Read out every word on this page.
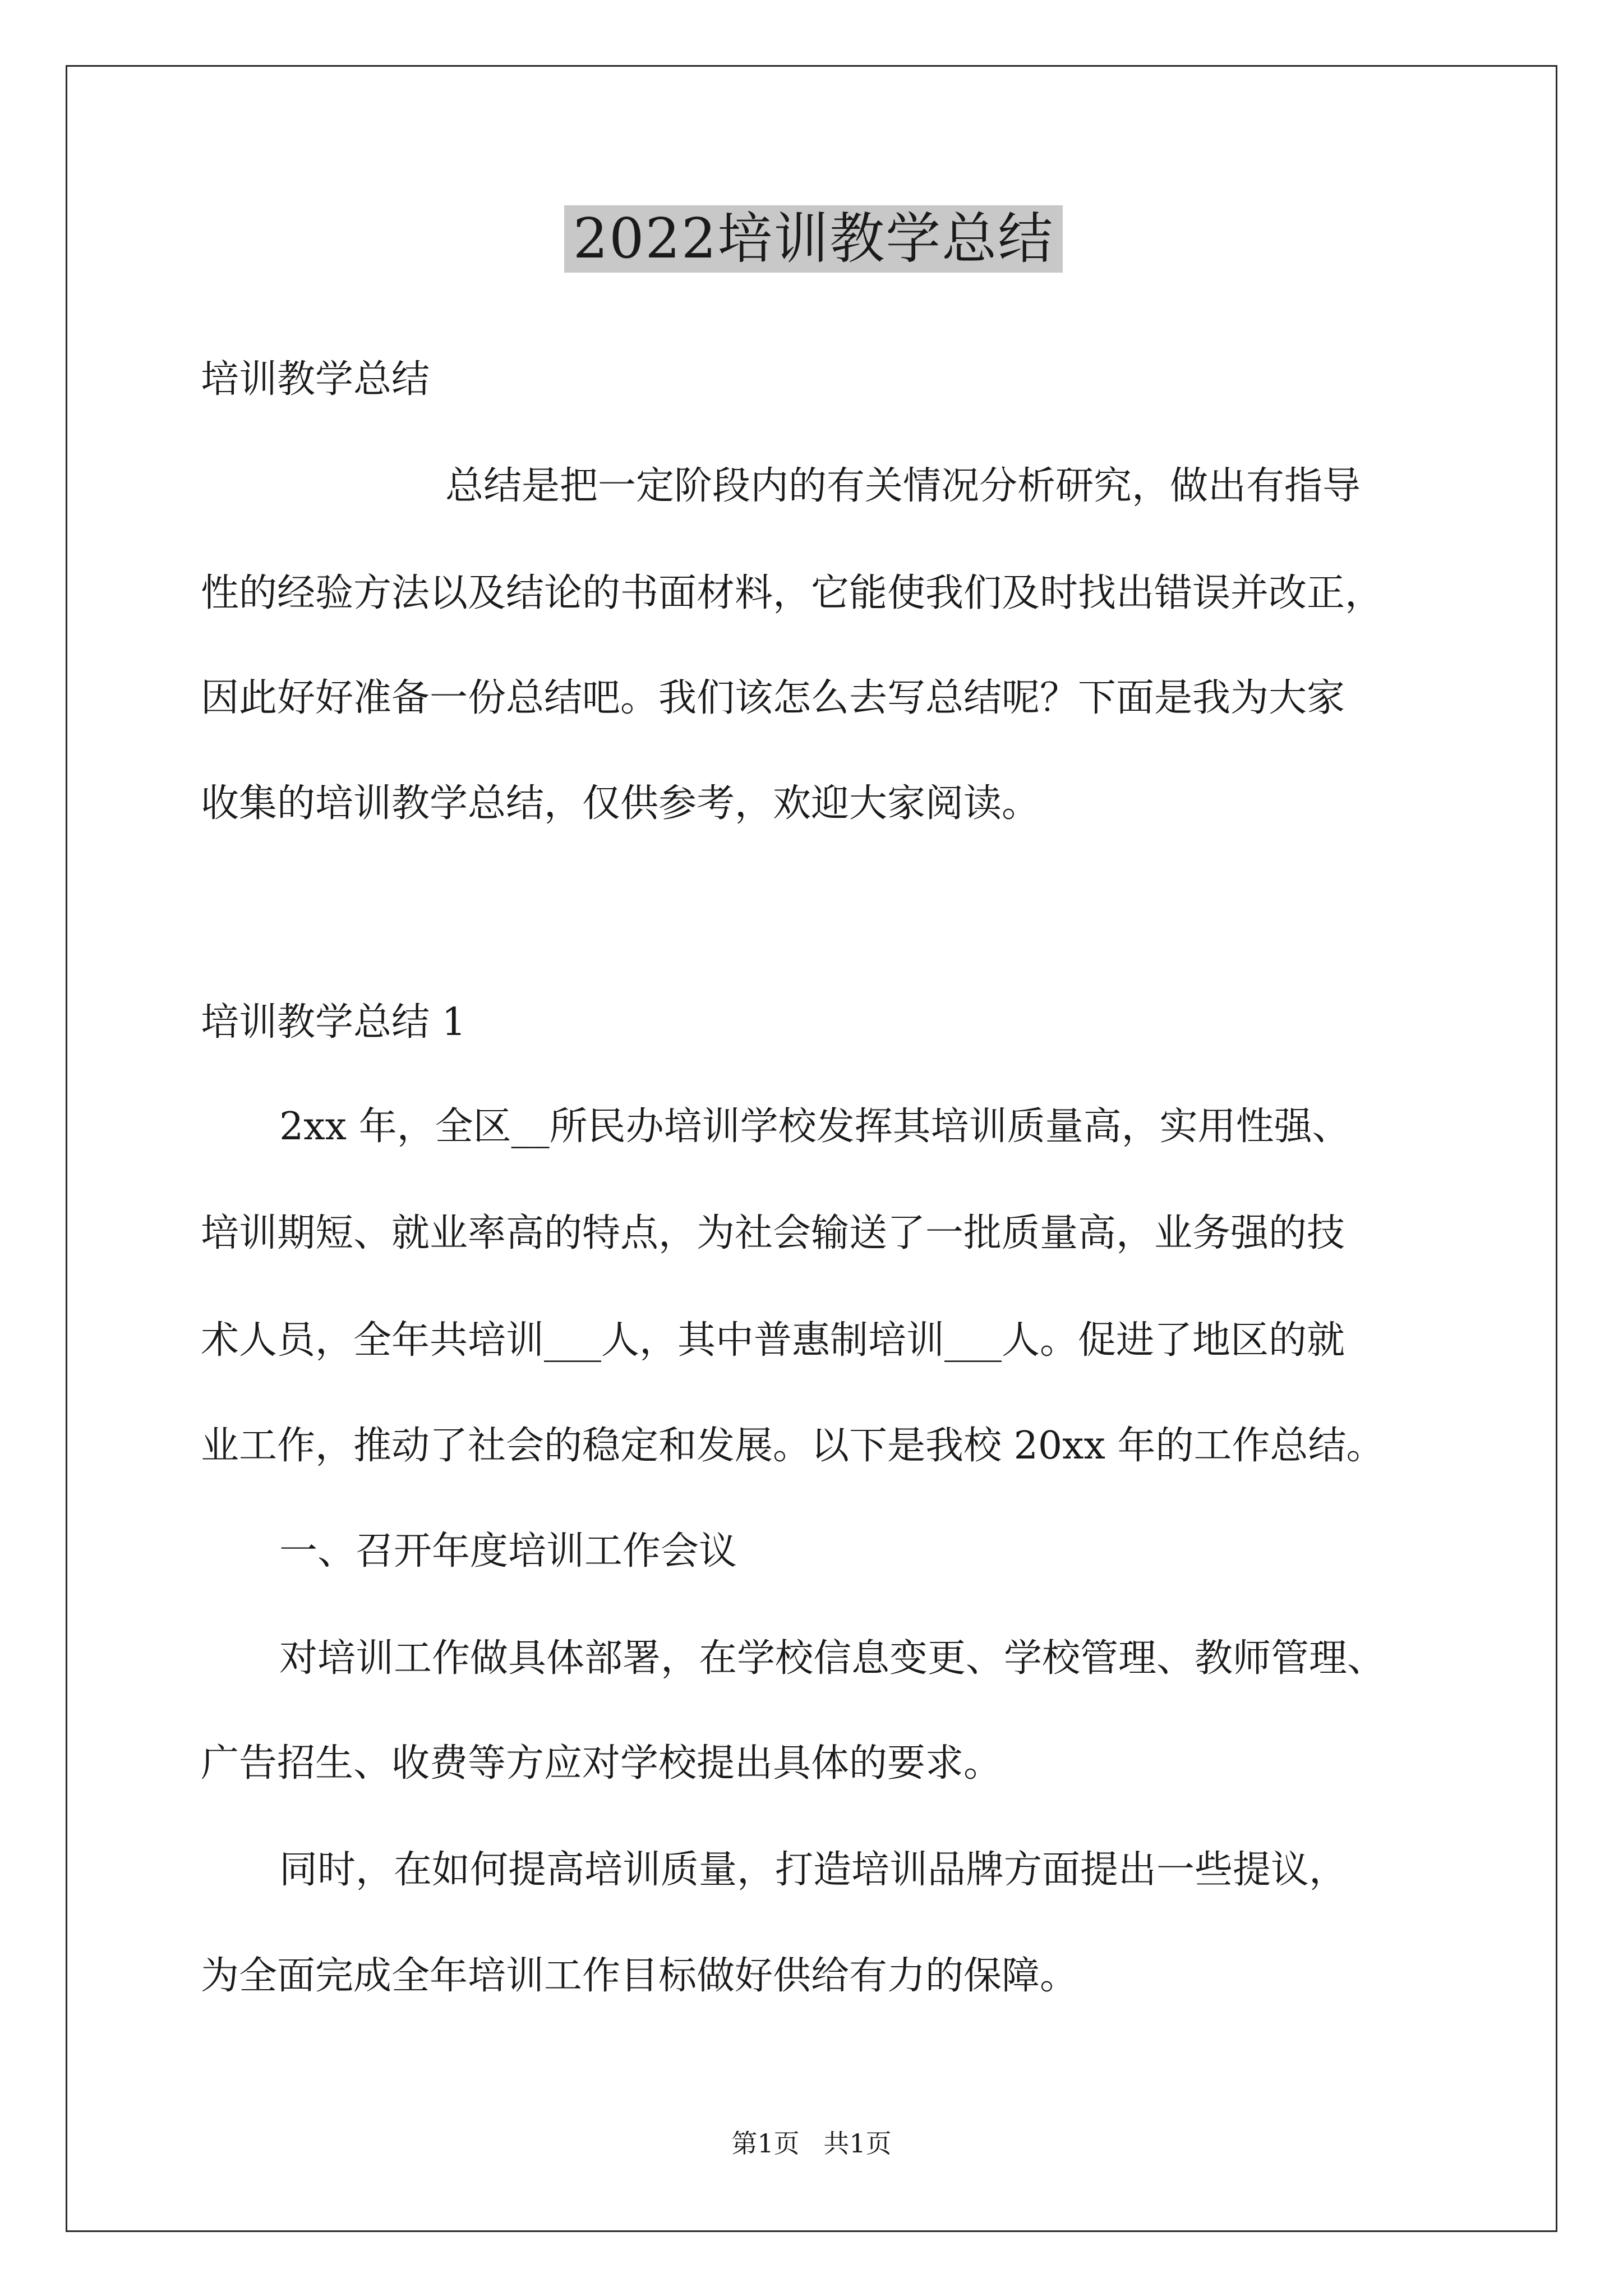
2022培训教学总结
培训教学总结
总结是把一定阶段内的有关情况分析研究，做出有指导
性的经验方法以及结论的书面材料，它能使我们及时找出错误并改正，
因此好好准备一份总结吧。我们该怎么去写总结呢？下面是我为大家
收集的培训教学总结，仅供参考，欢迎大家阅读。
培训教学总结 1
2xx 年，全区__所民办培训学校发挥其培训质量高，实用性强、
培训期短、就业率高的特点，为社会输送了一批质量高，业务强的技
术人员，全年共培训___人，其中普惠制培训___人。促进了地区的就
业工作，推动了社会的稳定和发展。以下是我校 20xx 年的工作总结。
一、召开年度培训工作会议
对培训工作做具体部署，在学校信息变更、学校管理、教师管理、
广告招生、收费等方应对学校提出具体的要求。
同时，在如何提高培训质量，打造培训品牌方面提出一些提议，
为全面完成全年培训工作目标做好供给有力的保障。
第1页 共1页
